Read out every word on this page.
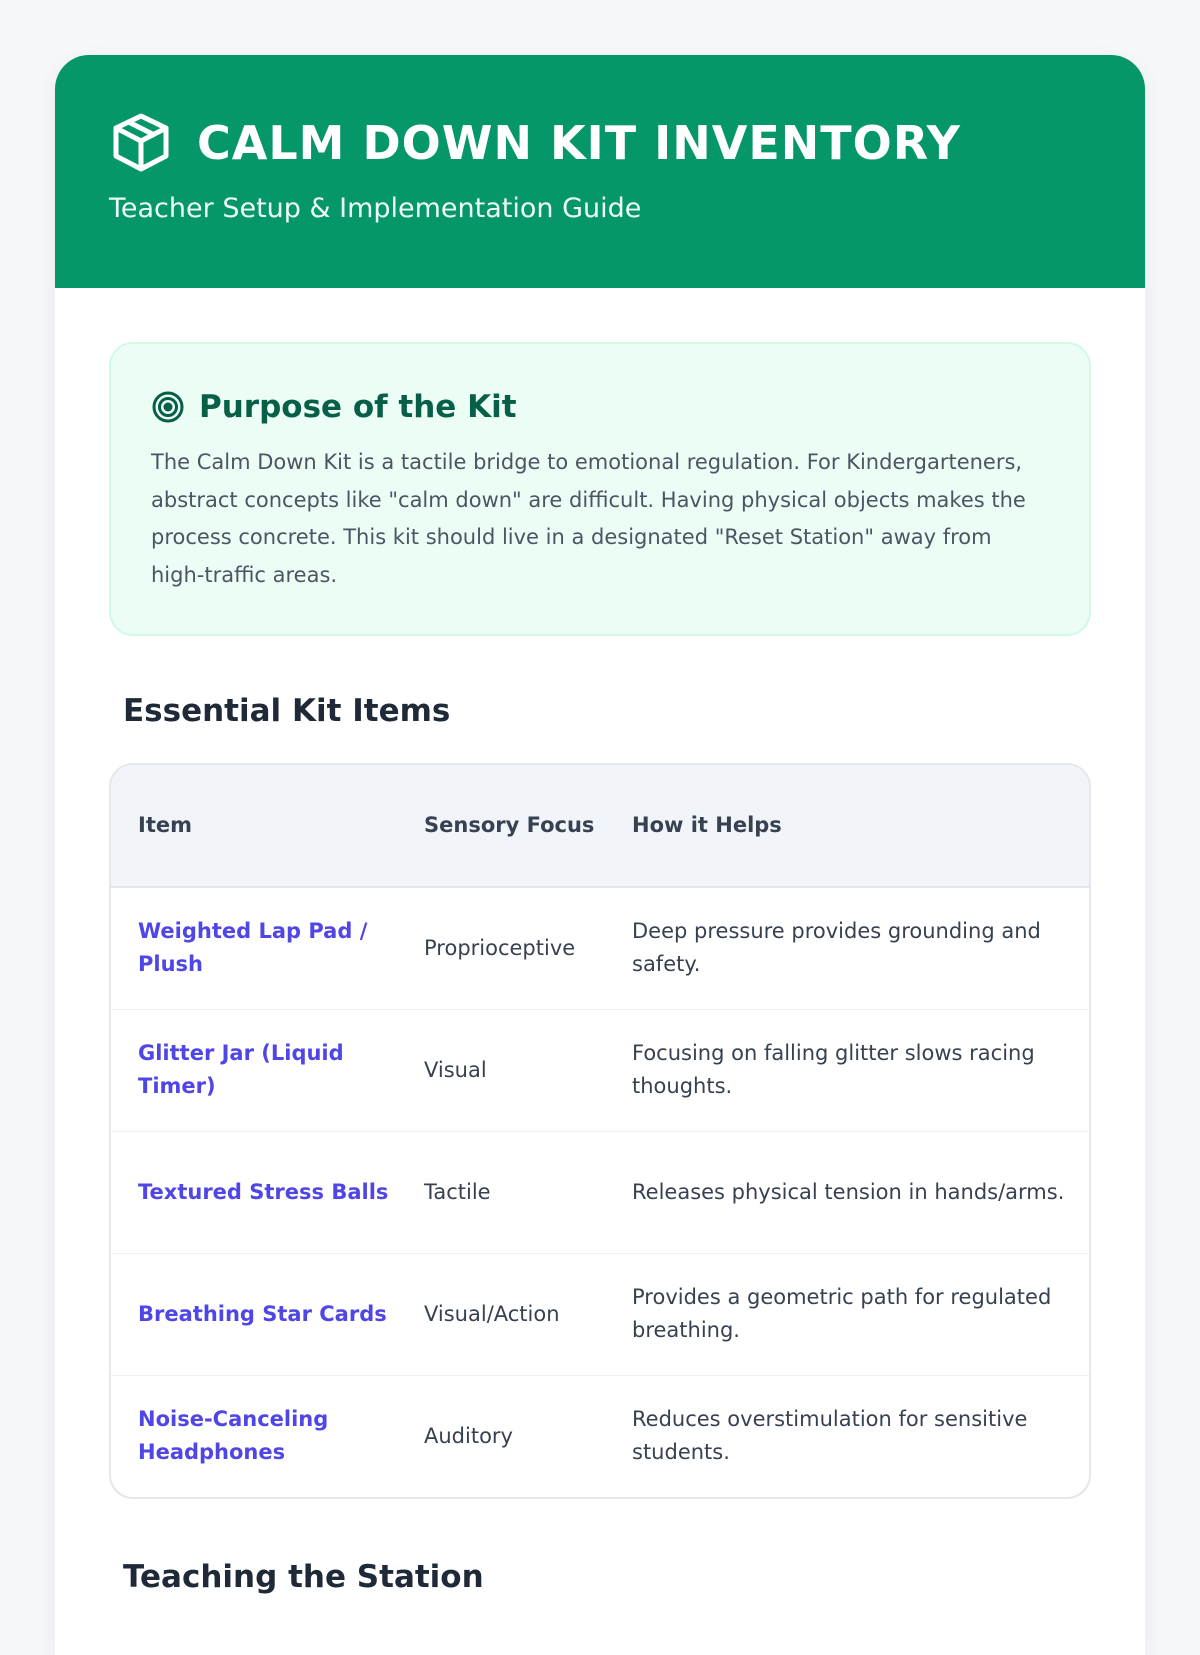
CALM DOWN KIT INVENTORY
Teacher Setup & Implementation Guide
Purpose of the Kit

The Calm Down Kit is a tactile bridge to emotional regulation. For Kindergarteners, abstract concepts like "calm down" are difficult. Having physical objects makes the process concrete. This kit should live in a designated "Reset Station" away from high-traffic areas.

Essential Kit Items
Item	Sensory Focus	How it Helps
Weighted Lap Pad / Plush	Proprioceptive	Deep pressure provides grounding and safety.
Glitter Jar (Liquid Timer)	Visual	Focusing on falling glitter slows racing thoughts.
Textured Stress Balls	Tactile	Releases physical tension in hands/arms.
Breathing Star Cards	Visual/Action	Provides a geometric path for regulated breathing.
Noise-Canceling Headphones	Auditory	Reduces overstimulation for sensitive students.
Teaching the Station
